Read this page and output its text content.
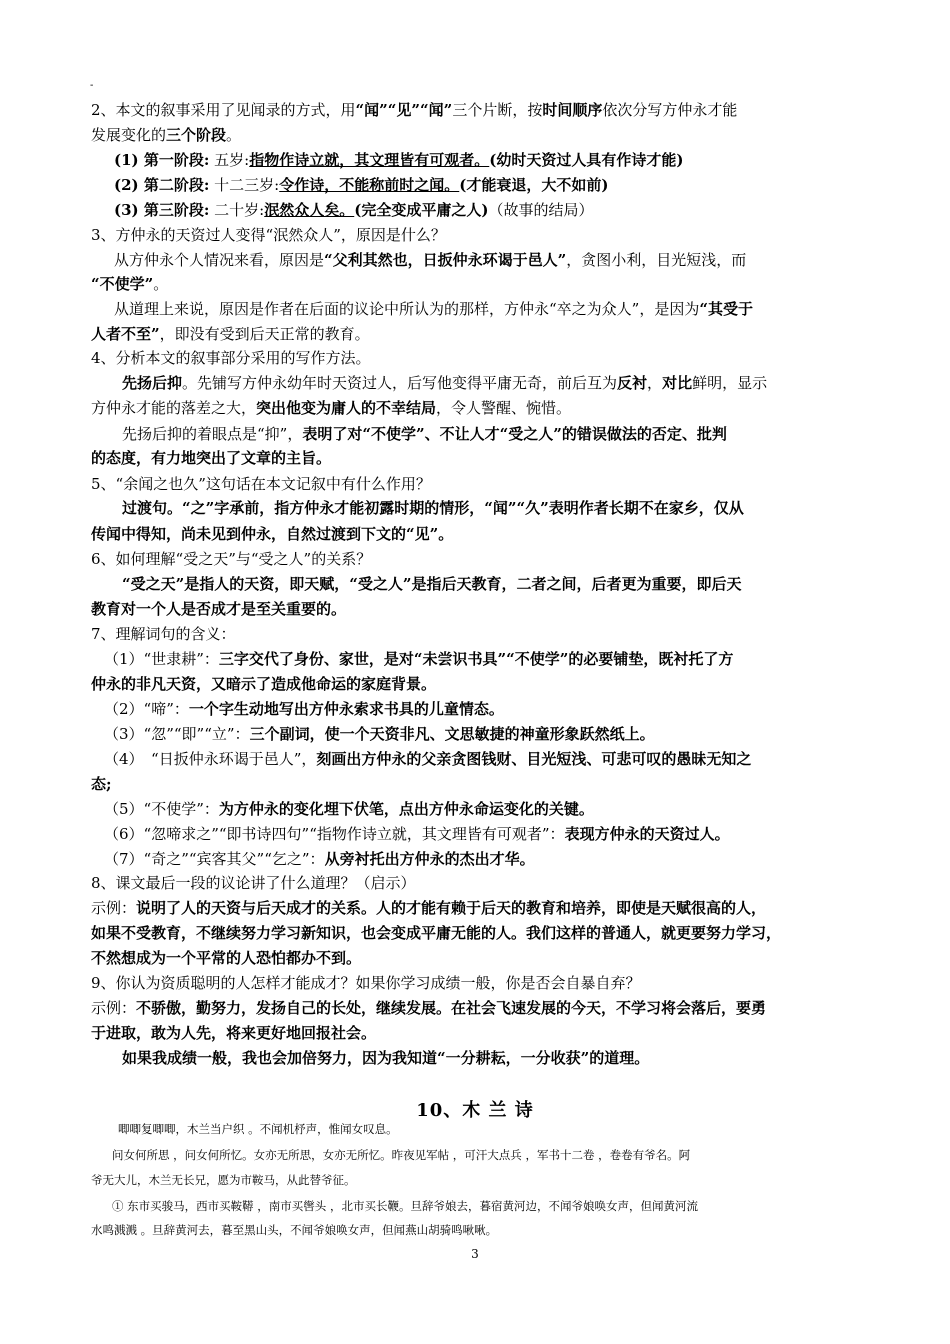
-
2、本文的叙事采用了见闻录的方式，用“闻”“见”“闻”三个片断，按时间顺序依次分写方仲永才能
发展变化的三个阶段。
(1) 第一阶段: 五岁:指物作诗立就，其文理皆有可观者。(幼时天资过人具有作诗才能)
(2) 第二阶段: 十二三岁:令作诗，不能称前时之闻。(才能衰退，大不如前)
(3) 第三阶段: 二十岁:泯然众人矣。(完全变成平庸之人)（故事的结局）
3、方仲永的天资过人变得“泯然众人”，原因是什么？
从方仲永个人情况来看，原因是“父利其然也，日扳仲永环谒于邑人”，贪图小利，目光短浅，而
“不使学”。
从道理上来说，原因是作者在后面的议论中所认为的那样，方仲永“卒之为众人”，是因为“其受于
人者不至”，即没有受到后天正常的教育。
4、分析本文的叙事部分采用的写作方法。
先扬后抑。先铺写方仲永幼年时天资过人，后写他变得平庸无奇，前后互为反衬，对比鲜明，显示
方仲永才能的落差之大，突出他变为庸人的不幸结局，令人警醒、惋惜。
先扬后抑的着眼点是“抑”，表明了对“不使学”、不让人才“受之人”的错误做法的否定、批判
的态度，有力地突出了文章的主旨。
5、“余闻之也久”这句话在本文记叙中有什么作用？
过渡句。“之”字承前，指方仲永才能初露时期的情形，“闻”“久”表明作者长期不在家乡，仅从
传闻中得知，尚未见到仲永，自然过渡到下文的“见”。
6、如何理解“受之天”与“受之人”的关系？
“受之天”是指人的天资，即天赋，“受之人”是指后天教育，二者之间，后者更为重要，即后天
教育对一个人是否成才是至关重要的。
7、理解词句的含义：
（1）“世隶耕”：三字交代了身份、家世，是对“未尝识书具”“不使学”的必要铺垫，既衬托了方
仲永的非凡天资，又暗示了造成他命运的家庭背景。
（2）“啼”：一个字生动地写出方仲永索求书具的儿童情态。
（3）“忽”“即”“立”：三个副词，使一个天资非凡、文思敏捷的神童形象跃然纸上。
（4）　“日扳仲永环谒于邑人”，刻画出方仲永的父亲贪图钱财、目光短浅、可悲可叹的愚昧无知之
态;
（5）“不使学”：为方仲永的变化埋下伏笔，点出方仲永命运变化的关键。
（6）“忽啼求之”“即书诗四句”“指物作诗立就，其文理皆有可观者”：表现方仲永的天资过人。
（7）“奇之”“宾客其父”“乞之”：从旁衬托出方仲永的杰出才华。
8、课文最后一段的议论讲了什么道理？（启示）
示例：说明了人的天资与后天成才的关系。人的才能有赖于后天的教育和培养，即使是天赋很高的人，
如果不受教育，不继续努力学习新知识，也会变成平庸无能的人。我们这样的普通人，就更要努力学习，
不然想成为一个平常的人恐怕都办不到。
9、你认为资质聪明的人怎样才能成才？如果你学习成绩一般，你是否会自暴自弃？
示例：不骄傲，勤努力，发扬自己的长处，继续发展。在社会飞速发展的今天，不学习将会落后，要勇
于进取，敢为人先，将来更好地回报社会。
如果我成绩一般，我也会加倍努力，因为我知道“一分耕耘，一分收获”的道理。
10、木 兰 诗
唧唧复唧唧，木兰当户织 。不闻机杼声，惟闻女叹息。
问女何所思 ，问女何所忆。女亦无所思，女亦无所忆。昨夜见军帖 ，可汗大点兵 ，军书十二卷 ，卷卷有爷名。阿
爷无大儿，木兰无长兄，愿为市鞍马，从此替爷征。
① 东市买骏马，西市买鞍鞯 ，南市买辔头 ，北市买长鞭。旦辞爷娘去，暮宿黄河边，不闻爷娘唤女声，但闻黄河流
水鸣溅溅 。旦辞黄河去，暮至黑山头，不闻爷娘唤女声，但闻燕山胡骑鸣啾啾。
3
